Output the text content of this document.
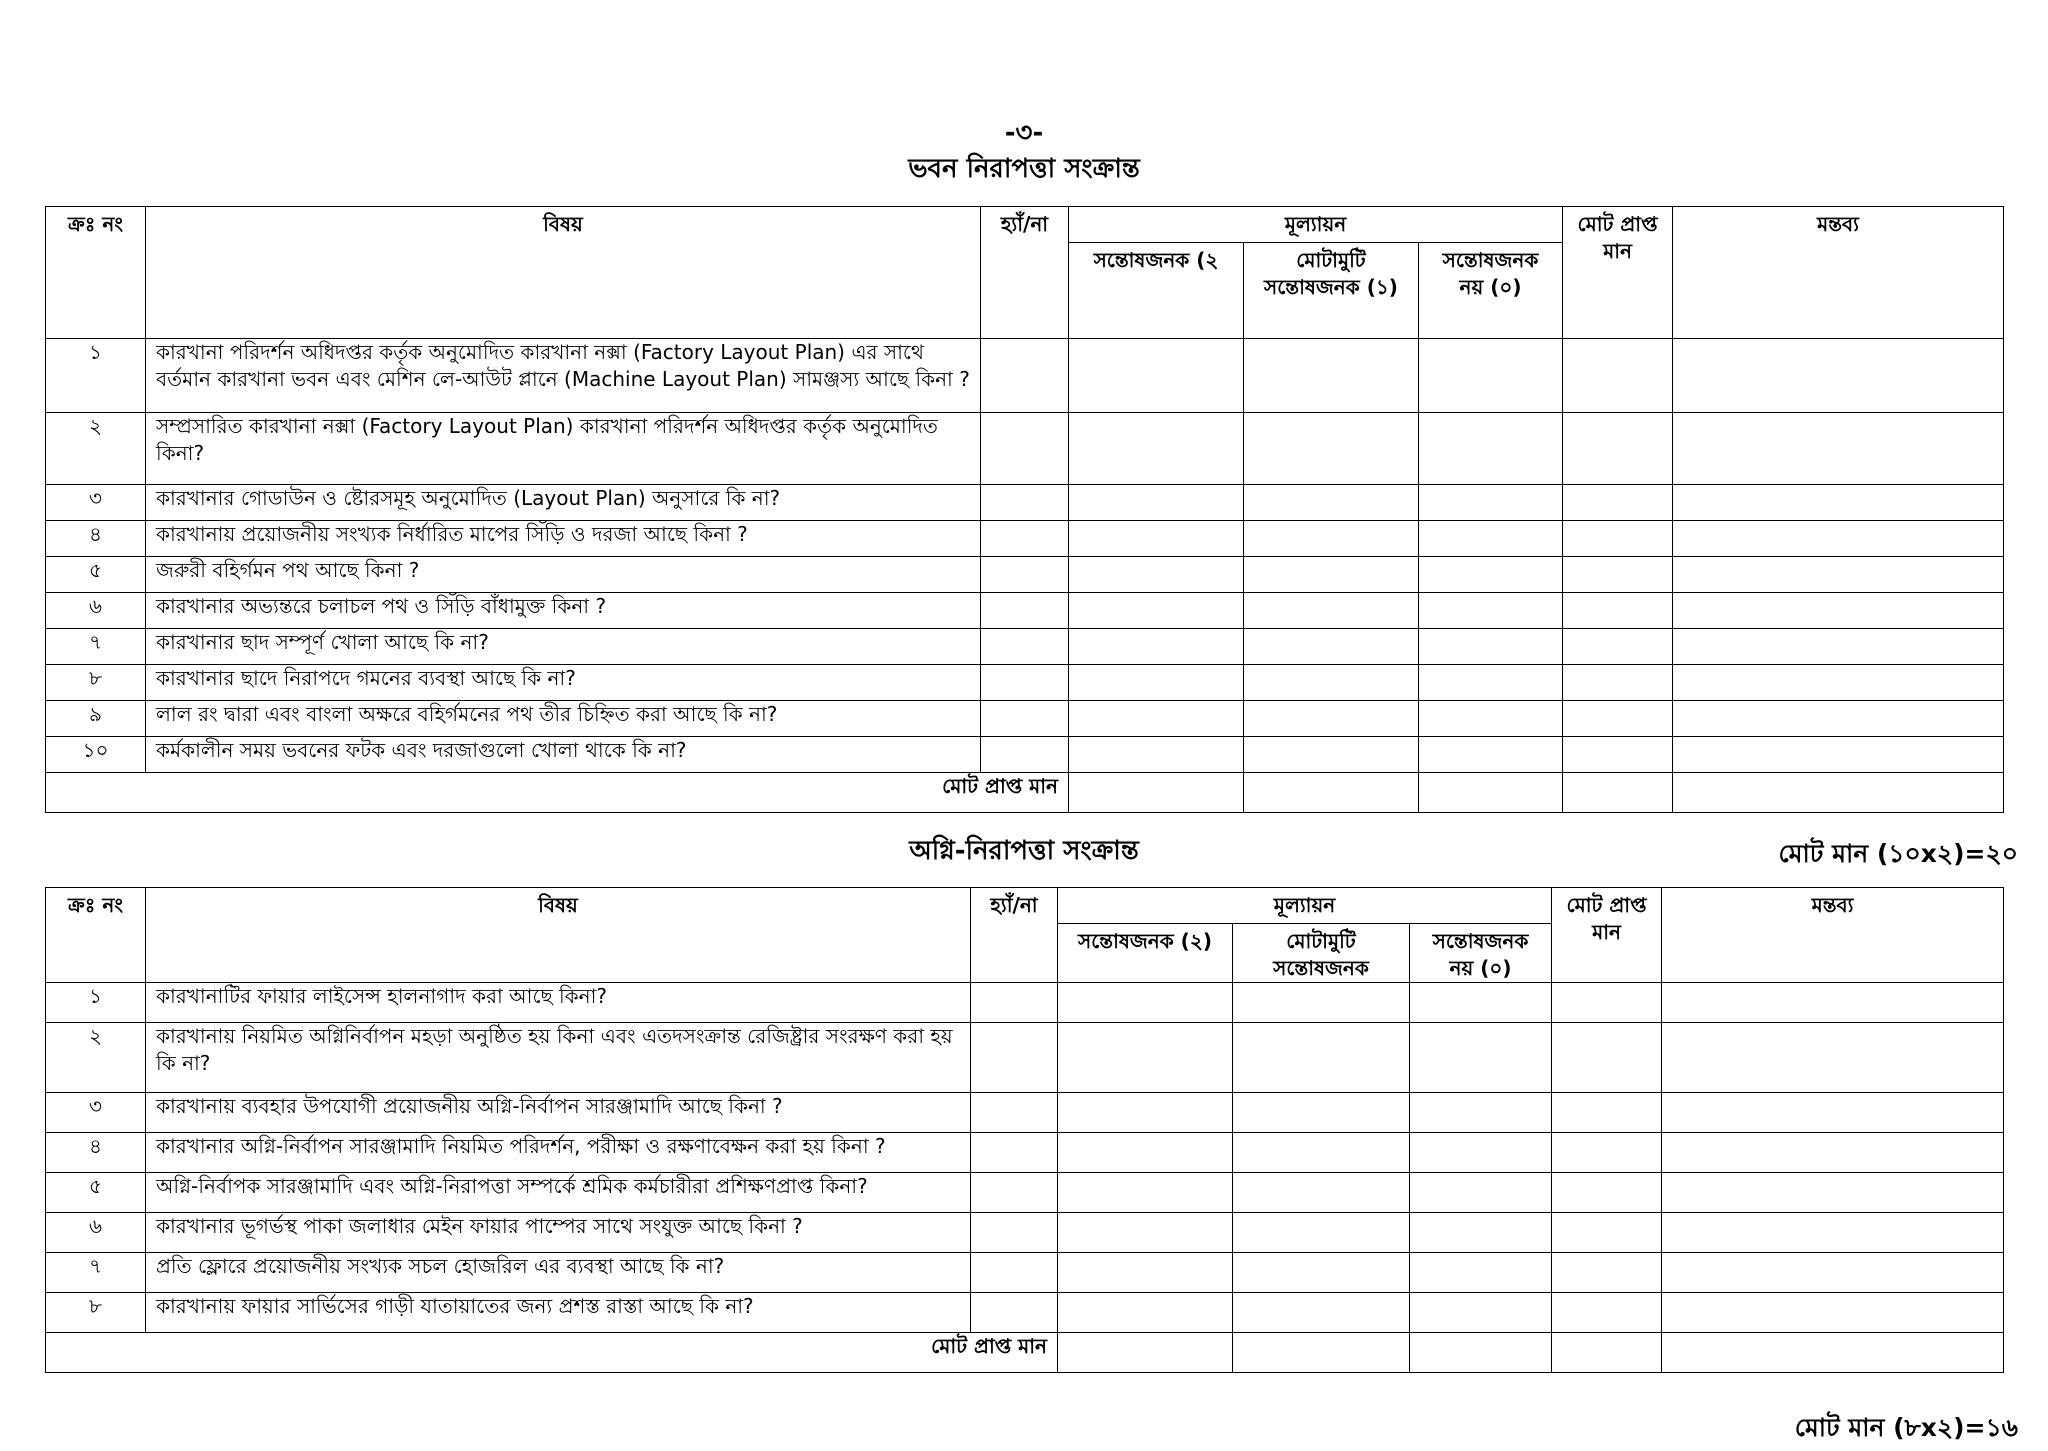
-৩-
ভবন নিরাপত্তা সংক্রান্ত
ক্রঃ নং	বিষয়	হ্যাঁ/না	মূল্যায়ন			মোট প্রাপ্ত মান	মন্তব্য
			সন্তোষজনক (২	মোটামুটি সন্তোষজনক (১)	সন্তোষজনক নয় (০)		
১	কারখানা পরিদর্শন অধিদপ্তর কর্তৃক অনুমোদিত কারখানা নক্সা (Factory Layout Plan) এর সাথে বর্তমান কারখানা ভবন এবং মেশিন লে-আউট প্লানে (Machine Layout Plan) সামঞ্জস্য আছে কিনা ?						
২	সম্প্রসারিত কারখানা নক্সা (Factory Layout Plan) কারখানা পরিদর্শন অধিদপ্তর কর্তৃক অনুমোদিত কিনা?						
৩	কারখানার গোডাউন ও ষ্টোরসমূহ অনুমোদিত (Layout Plan) অনুসারে কি না?						
৪	কারখানায় প্রয়োজনীয় সংখ্যক নির্ধারিত মাপের সিঁড়ি ও দরজা আছে কিনা ?						
৫	জরুরী বহির্গমন পথ আছে কিনা ?						
৬	কারখানার অভ্যন্তরে চলাচল পথ ও সিঁড়ি বাঁধামুক্ত কিনা ?						
৭	কারখানার ছাদ সম্পূর্ণ খোলা আছে কি না?						
৮	কারখানার ছাদে নিরাপদে গমনের ব্যবস্থা আছে কি না?						
৯	লাল রং দ্বারা এবং বাংলা অক্ষরে বহির্গমনের পথ তীর চিহ্নিত করা আছে কি না?						
১০	কর্মকালীন সময় ভবনের ফটক এবং দরজাগুলো খোলা থাকে কি না?						
মোট প্রাপ্ত মান							
অগ্নি-নিরাপত্তা সংক্রান্ত	মোট মান (১০x২)=২০
ক্রঃ নং	বিষয়	হ্যাঁ/না	মূল্যায়ন			মোট প্রাপ্ত মান	মন্তব্য
			সন্তোষজনক (২)	মোটামুটি সন্তোষজনক	সন্তোষজনক নয় (০)		
১	কারখানাটির ফায়ার লাইসেন্স হালনাগাদ করা আছে কিনা?						
২	কারখানায় নিয়মিত অগ্নিনির্বাপন মহড়া অনুষ্ঠিত হয় কিনা এবং এতদসংক্রান্ত রেজিষ্ট্রার সংরক্ষণ করা হয় কি না?						
৩	কারখানায় ব্যবহার উপযোগী প্রয়োজনীয় অগ্নি-নির্বাপন সারঞ্জামাদি আছে কিনা ?						
৪	কারখানার অগ্নি-নির্বাপন সারঞ্জামাদি নিয়মিত পরিদর্শন, পরীক্ষা ও রক্ষণাবেক্ষন করা হয় কিনা ?						
৫	অগ্নি-নির্বাপক সারঞ্জামাদি এবং অগ্নি-নিরাপত্তা সম্পর্কে শ্রমিক কর্মচারীরা প্রশিক্ষণপ্রাপ্ত কিনা?						
৬	কারখানার ভূগর্ভস্থ পাকা জলাধার মেইন ফায়ার পাম্পের সাথে সংযুক্ত আছে কিনা ?						
৭	প্রতি ফ্লোরে প্রয়োজনীয় সংখ্যক সচল হোজরিল এর ব্যবস্থা আছে কি না?						
৮	কারখানায় ফায়ার সার্ভিসের গাড়ী যাতায়াতের জন্য প্রশস্ত রাস্তা আছে কি না?						
মোট প্রাপ্ত মান							
মোট মান (৮x২)=১৬
